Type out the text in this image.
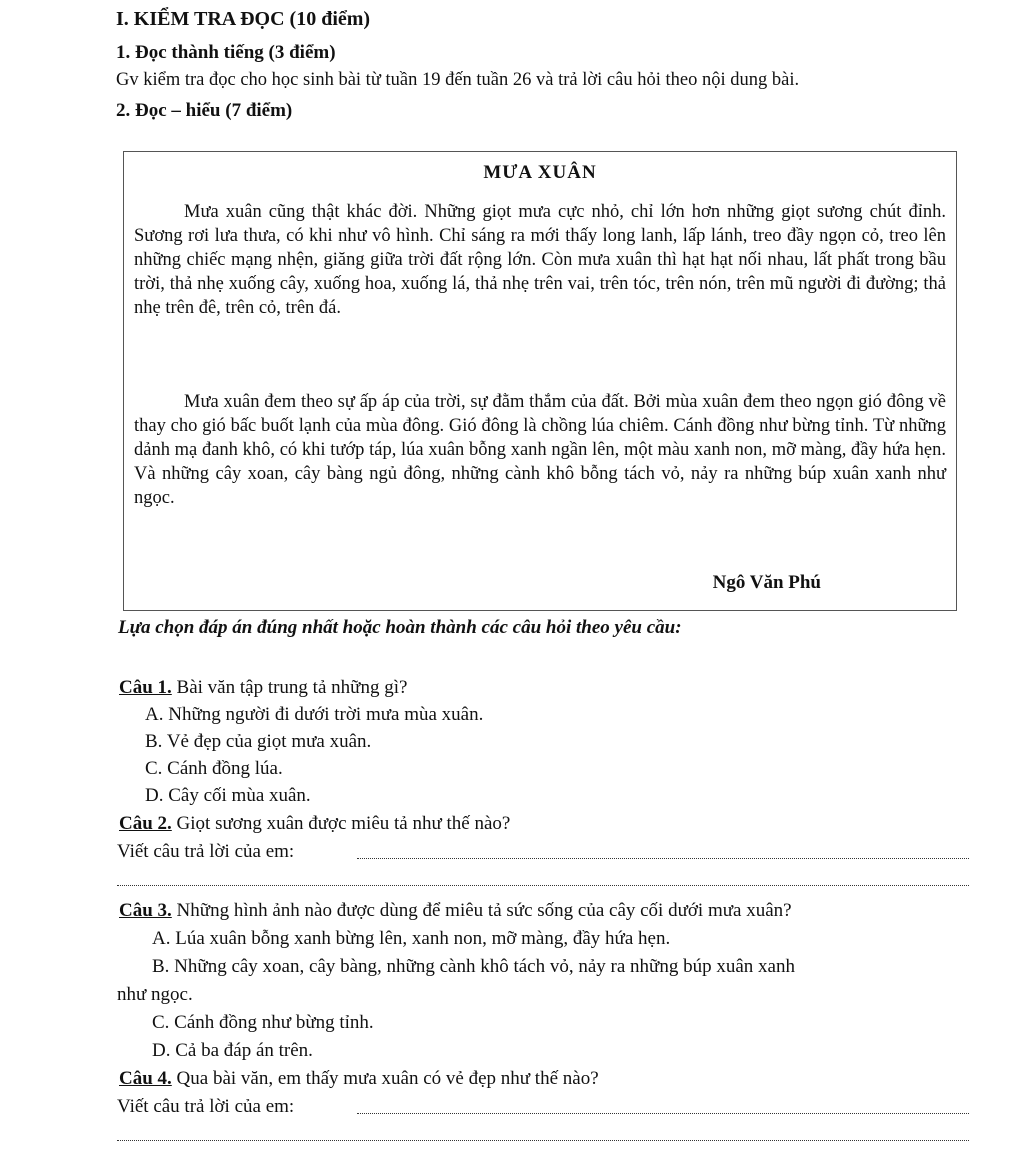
I. KIỂM TRA ĐỌC (10 điểm)
1. Đọc thành tiếng (3 điểm)
Gv kiểm tra đọc cho học sinh bài từ tuần 19 đến tuần 26 và trả lời câu hỏi theo nội dung bài.
2. Đọc – hiểu (7 điểm)
MƯA XUÂN
Mưa xuân cũng thật khác đời. Những giọt mưa cực nhỏ, chỉ lớn hơn những giọt sương chút đỉnh. Sương rơi lưa thưa, có khi như vô hình. Chỉ sáng ra mới thấy long lanh, lấp lánh, treo đầy ngọn cỏ, treo lên những chiếc mạng nhện, giăng giữa trời đất rộng lớn. Còn mưa xuân thì hạt hạt nối nhau, lất phất trong bầu trời, thả nhẹ xuống cây, xuống hoa, xuống lá, thả nhẹ trên vai, trên tóc, trên nón, trên mũ người đi đường; thả nhẹ trên đê, trên cỏ, trên đá.
Mưa xuân đem theo sự ấp áp của trời, sự đằm thắm của đất. Bởi mùa xuân đem theo ngọn gió đông về thay cho gió bấc buốt lạnh của mùa đông. Gió đông là chồng lúa chiêm. Cánh đồng như bừng tỉnh. Từ những dảnh mạ đanh khô, có khi tướp táp, lúa xuân bỗng xanh ngần lên, một màu xanh non, mỡ màng, đầy hứa hẹn. Và những cây xoan, cây bàng ngủ đông, những cành khô bỗng tách vỏ, nảy ra những búp xuân xanh như ngọc.
Ngô Văn Phú
Lựa chọn đáp án đúng nhất hoặc hoàn thành các câu hỏi theo yêu cầu:
Câu 1. Bài văn tập trung tả những gì?
A. Những người đi dưới trời mưa mùa xuân.
B. Vẻ đẹp của giọt mưa xuân.
C. Cánh đồng lúa.
D. Cây cối mùa xuân.
Câu 2. Giọt sương xuân được miêu tả như thế nào?
Viết câu trả lời của em:
Câu 3. Những hình ảnh nào được dùng để miêu tả sức sống của cây cối dưới mưa xuân?
A. Lúa xuân bỗng xanh bừng lên, xanh non, mỡ màng, đầy hứa hẹn.
B. Những cây xoan, cây bàng, những cành khô tách vỏ, nảy ra những búp xuân xanh
như ngọc.
C. Cánh đồng như bừng tỉnh.
D. Cả ba đáp án trên.
Câu 4. Qua bài văn, em thấy mưa xuân có vẻ đẹp như thế nào?
Viết câu trả lời của em:
